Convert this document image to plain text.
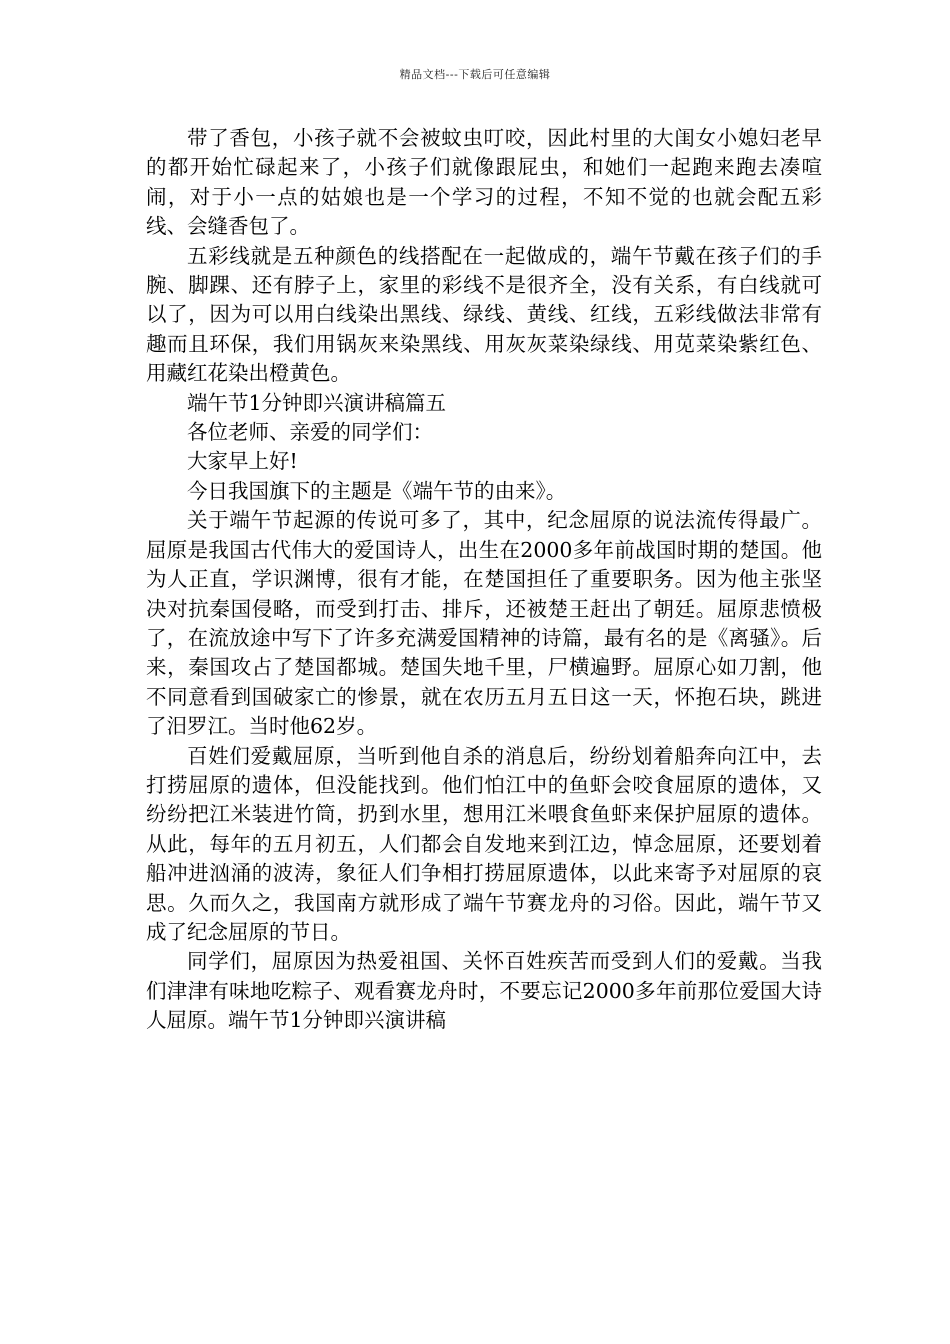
精品文档---下载后可任意编辑

带了香包，小孩子就不会被蚊虫叮咬，因此村里的大闺女小媳妇老早的都开始忙碌起来了，小孩子们就像跟屁虫，和她们一起跑来跑去凑喧闹，对于小一点的姑娘也是一个学习的过程，不知不觉的也就会配五彩线、会缝香包了。

五彩线就是五种颜色的线搭配在一起做成的，端午节戴在孩子们的手腕、脚踝、还有脖子上，家里的彩线不是很齐全，没有关系，有白线就可以了，因为可以用白线染出黑线、绿线、黄线、红线，五彩线做法非常有趣而且环保，我们用锅灰来染黑线、用灰灰菜染绿线、用苋菜染紫红色、用藏红花染出橙黄色。

端午节1分钟即兴演讲稿篇五

各位老师、亲爱的同学们：

大家早上好!

今日我国旗下的主题是《端午节的由来》。

关于端午节起源的传说可多了，其中，纪念屈原的说法流传得最广。屈原是我国古代伟大的爱国诗人，出生在2000多年前战国时期的楚国。他为人正直，学识渊博，很有才能，在楚国担任了重要职务。因为他主张坚决对抗秦国侵略，而受到打击、排斥，还被楚王赶出了朝廷。屈原悲愤极了，在流放途中写下了许多充满爱国精神的诗篇，最有名的是《离骚》。后来，秦国攻占了楚国都城。楚国失地千里，尸横遍野。屈原心如刀割，他不同意看到国破家亡的惨景，就在农历五月五日这一天，怀抱石块，跳进了汨罗江。当时他62岁。

百姓们爱戴屈原，当听到他自杀的消息后，纷纷划着船奔向江中，去打捞屈原的遗体，但没能找到。他们怕江中的鱼虾会咬食屈原的遗体，又纷纷把江米装进竹筒，扔到水里，想用江米喂食鱼虾来保护屈原的遗体。从此，每年的五月初五，人们都会自发地来到江边，悼念屈原，还要划着船冲进汹涌的波涛，象征人们争相打捞屈原遗体，以此来寄予对屈原的哀思。久而久之，我国南方就形成了端午节赛龙舟的习俗。因此，端午节又成了纪念屈原的节日。

同学们，屈原因为热爱祖国、关怀百姓疾苦而受到人们的爱戴。当我们津津有味地吃粽子、观看赛龙舟时，不要忘记2000多年前那位爱国大诗人屈原。端午节1分钟即兴演讲稿
